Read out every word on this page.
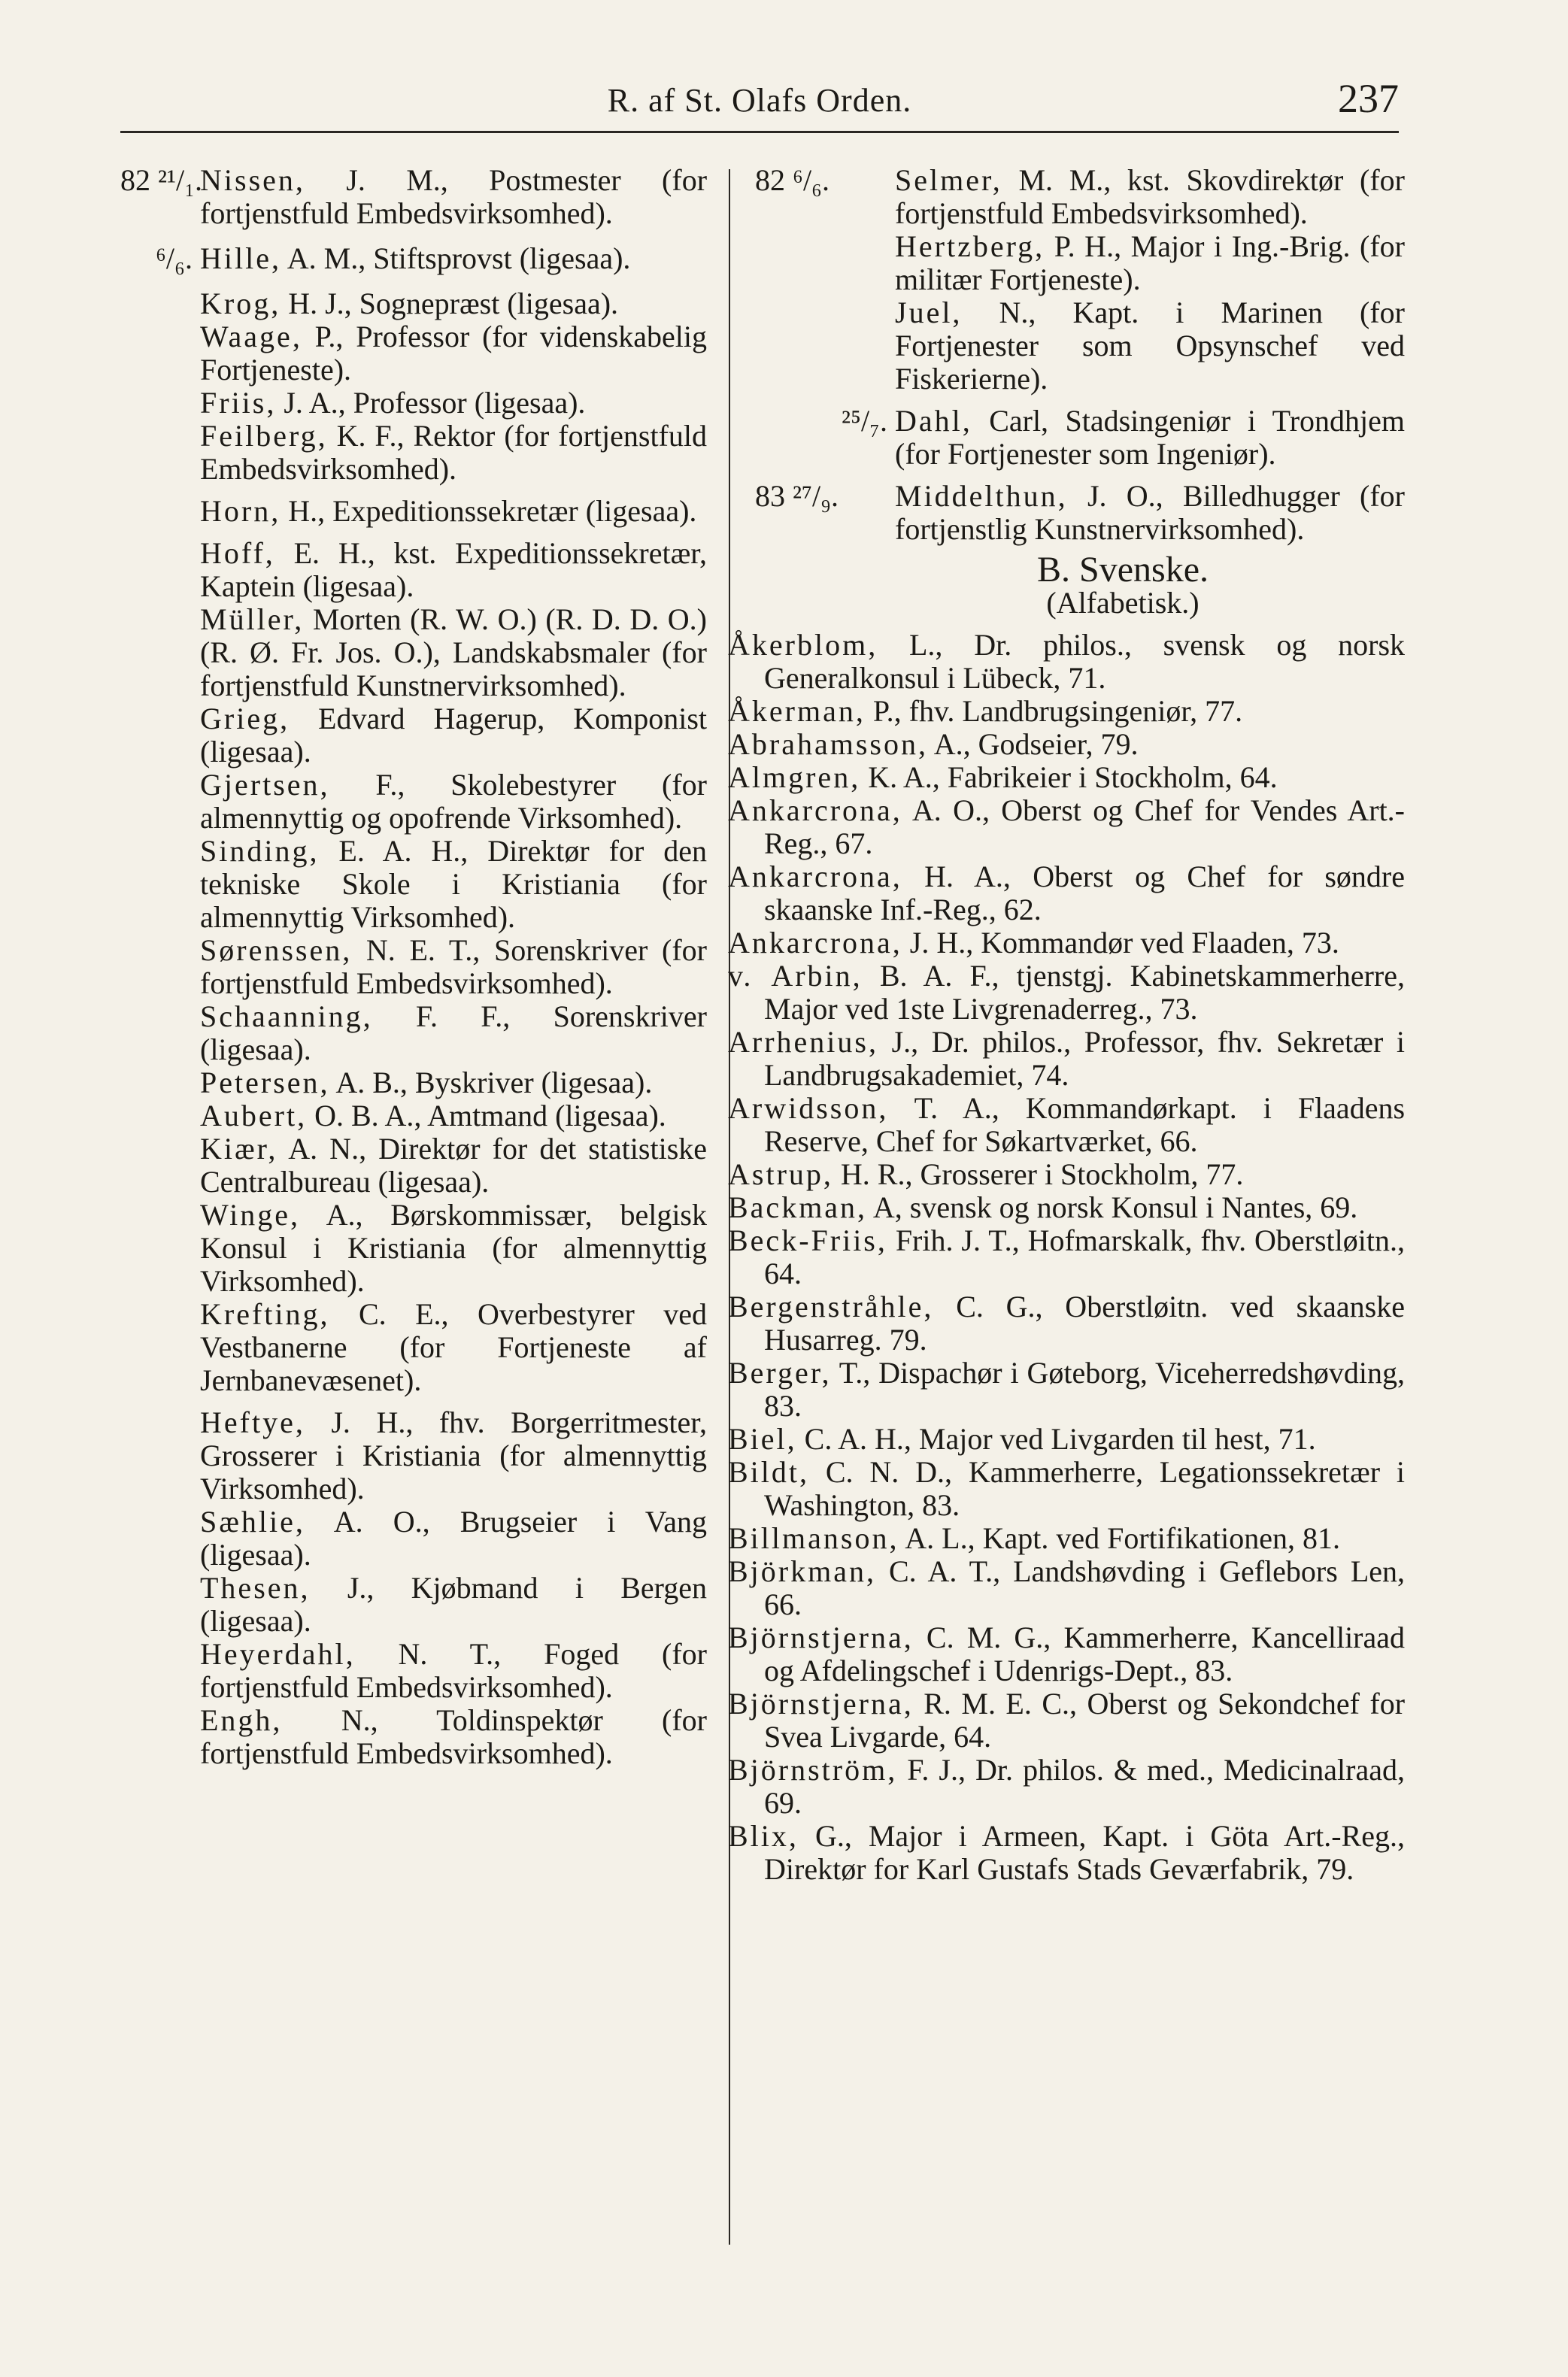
R. af St. Olafs Orden.	237
82 ²¹/₁.
Nissen, J. M., Postmester (for fortjenstfuld Embedsvirksomhed).
⁶/₆. Hille, A. M., Stiftsprovst (ligesaa).
Krog, H. J., Sognepræst (ligesaa).
Waage, P., Professor (for videnskabelig Fortjeneste).
Friis, J. A., Professor (ligesaa).
Feilberg, K. F., Rektor (for fortjenstfuld Embedsvirksomhed).
Horn, H., Expeditionssekretær (ligesaa).
Hoff, E. H., kst. Expeditionssekretær, Kaptein (ligesaa).
Müller, Morten (R. W. O.) (R. D. D. O.) (R. Ø. Fr. Jos. O.), Landskabsmaler (for fortjenstfuld Kunstnervirksomhed).
Grieg, Edvard Hagerup, Komponist (ligesaa).
Gjertsen, F., Skolebestyrer (for almennyttig og opofrende Virksomhed).
Sinding, E. A. H., Direktør for den tekniske Skole i Kristiania (for almennyttig Virksomhed).
Sørenssen, N. E. T., Sorenskriver (for fortjenstfuld Embedsvirksomhed).
Schaanning, F. F., Sorenskriver (ligesaa).
Petersen, A. B., Byskriver (ligesaa).
Aubert, O. B. A., Amtmand (ligesaa).
Kiær, A. N., Direktør for det statistiske Centralbureau (ligesaa).
Winge, A., Børskommissær, belgisk Konsul i Kristiania (for almennyttig Virksomhed).
Krefting, C. E., Overbestyrer ved Vestbanerne (for Fortjeneste af Jernbanevæsenet).
Heftye, J. H., fhv. Borgerritmester, Grosserer i Kristiania (for almennyttig Virksomhed).
Sæhlie, A. O., Brugseier i Vang (ligesaa).
Thesen, J., Kjøbmand i Bergen (ligesaa).
Heyerdahl, N. T., Foged (for fortjenstfuld Embedsvirksomhed).
Engh, N., Toldinspektør (for fortjenstfuld Embedsvirksomhed).
82 ⁶/₆. Selmer, M. M., kst. Skovdirektør (for fortjenstfuld Embedsvirksomhed).
Hertzberg, P. H., Major i Ing.-Brig. (for militær Fortjeneste).
Juel, N., Kapt. i Marinen (for Fortjenester som Opsynschef ved Fiskerierne).
²⁵/₇. Dahl, Carl, Stadsingeniør i Trondhjem (for Fortjenester som Ingeniør).
83 ²⁷/₉. Middelthun, J. O., Billedhugger (for fortjenstlig Kunstnervirksomhed).
B. Svenske.
(Alfabetisk.)
Åkerblom, L., Dr. philos., svensk og norsk Generalkonsul i Lübeck, 71.
Åkerman, P., fhv. Landbrugsingeniør, 77.
Abrahamsson, A., Godseier, 79.
Almgren, K. A., Fabrikeier i Stockholm, 64.
Ankarcrona, A. O., Oberst og Chef for Vendes Art.-Reg., 67.
Ankarcrona, H. A., Oberst og Chef for søndre skaanske Inf.-Reg., 62.
Ankarcrona, J. H., Kommandør ved Flaaden, 73.
v. Arbin, B. A. F., tjenstgj. Kabinetskammerherre, Major ved 1ste Livgrenaderreg., 73.
Arrhenius, J., Dr. philos., Professor, fhv. Sekretær i Landbrugsakademiet, 74.
Arwidsson, T. A., Kommandørkapt. i Flaadens Reserve, Chef for Søkartværket, 66.
Astrup, H. R., Grosserer i Stockholm, 77.
Backman, A, svensk og norsk Konsul i Nantes, 69.
Beck-Friis, Frih. J. T., Hofmarskalk, fhv. Oberstløitn., 64.
Bergenstråhle, C. G., Oberstløitn. ved skaanske Husarreg. 79.
Berger, T., Dispachør i Gøteborg, Viceherredshøvding, 83.
Biel, C. A. H., Major ved Livgarden til hest, 71.
Bildt, C. N. D., Kammerherre, Legationssekretær i Washington, 83.
Billmanson, A. L., Kapt. ved Fortifikationen, 81.
Björkman, C. A. T., Landshøvding i Geflebors Len, 66.
Björnstjerna, C. M. G., Kammerherre, Kancelliraad og Afdelingschef i Udenrigs-Dept., 83.
Björnstjerna, R. M. E. C., Oberst og Sekondchef for Svea Livgarde, 64.
Björnström, F. J., Dr. philos. & med., Medicinalraad, 69.
Blix, G., Major i Armeen, Kapt. i Göta Art.-Reg., Direktør for Karl Gustafs Stads Geværfabrik, 79.
